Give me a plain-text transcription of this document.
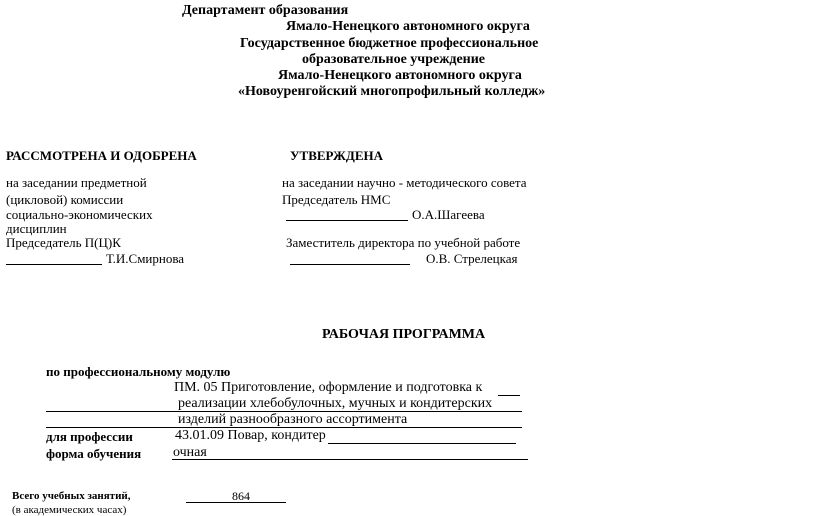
Департамент образования
Ямало-Ненецкого автономного округа
Государственное бюджетное профессиональное
образовательное учреждение
Ямало-Ненецкого автономного округа
«Новоуренгойский многопрофильный колледж»
РАССМОТРЕНА И ОДОБРЕНА
на заседании предметной
(цикловой) комиссии
социально-экономических
дисциплин
Председатель П(Ц)К
Т.И.Смирнова
УТВЕРЖДЕНА
на заседании научно - методического совета
Председатель НМС
О.А.Шагеева
Заместитель директора по учебной работе
О.В. Стрелецкая
РАБОЧАЯ ПРОГРАММА
по профессиональному модулю
ПМ. 05 Приготовление, оформление и подготовка к
реализации хлебобулочных, мучных и кондитерских
изделий разнообразного ассортимента
для профессии	43.01.09 Повар, кондитер
форма обучения очная
Всего учебных занятий,
(в академических часах)
864
